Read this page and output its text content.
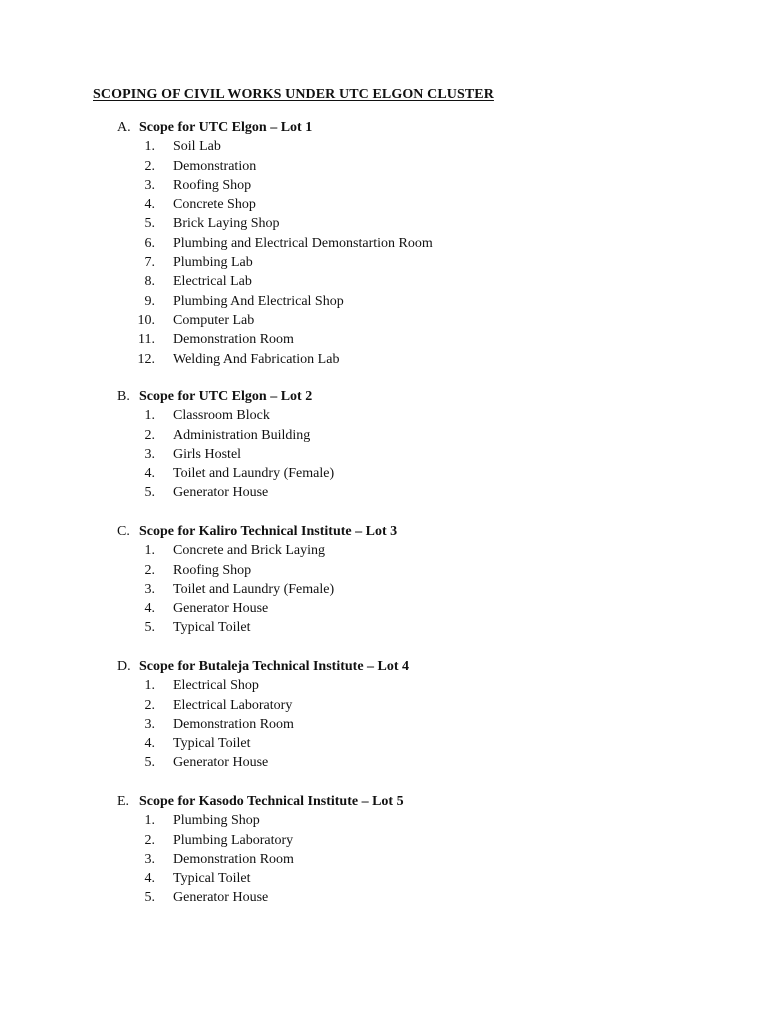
SCOPING OF CIVIL WORKS UNDER UTC ELGON CLUSTER
A. Scope for UTC Elgon – Lot 1
1. Soil Lab
2. Demonstration
3. Roofing Shop
4. Concrete Shop
5. Brick Laying Shop
6. Plumbing and Electrical Demonstartion Room
7. Plumbing Lab
8. Electrical Lab
9. Plumbing And Electrical Shop
10. Computer Lab
11. Demonstration Room
12. Welding And Fabrication Lab
B. Scope for UTC Elgon – Lot 2
1. Classroom Block
2. Administration Building
3. Girls Hostel
4. Toilet and Laundry (Female)
5. Generator House
C. Scope for Kaliro Technical Institute – Lot 3
1. Concrete and Brick Laying
2. Roofing Shop
3. Toilet and Laundry (Female)
4. Generator House
5. Typical Toilet
D. Scope for Butaleja Technical Institute – Lot 4
1. Electrical Shop
2. Electrical Laboratory
3. Demonstration Room
4. Typical Toilet
5. Generator House
E. Scope for Kasodo Technical Institute – Lot 5
1. Plumbing Shop
2. Plumbing Laboratory
3. Demonstration Room
4. Typical Toilet
5. Generator House
